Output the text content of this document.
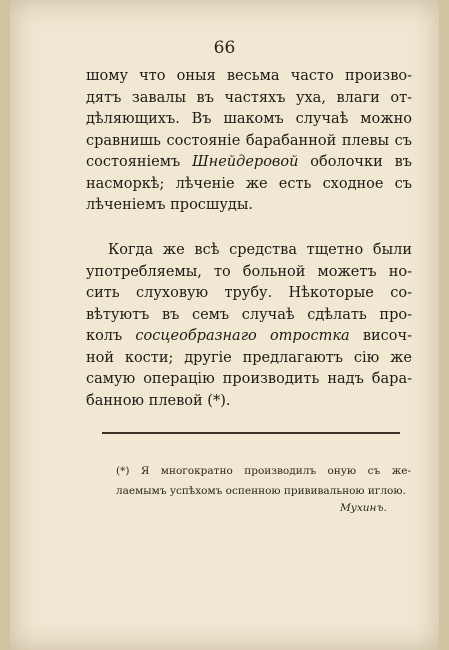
66
шому что оныя весьма часто произво-
дятъ завалы въ частяхъ уха, влаги от-
дѣляющихъ. Въ шакомъ случаѣ можно
сравнишь состояніе барабанной плевы съ
состояніемъ Шнейдеровой оболочки въ
насморкѣ; лѣченіе же есть сходное съ
лѣченіемъ просшуды.
Когда же всѣ средства тщетно были
употребляемы, то больной можетъ но-
сить слуховую трубу. Нѣкоторые со-
вѣтуютъ въ семъ случаѣ сдѣлать про-
колъ сосцеобразнаго отростка височ-
ной кости; другіе предлагаютъ сію же
самую операцію производить надъ бара-
банною плевой (*).
(*) Я многократно производилъ оную съ же-
лаемымъ успѣхомъ оспенною прививальною иглою.
Мухинъ.
